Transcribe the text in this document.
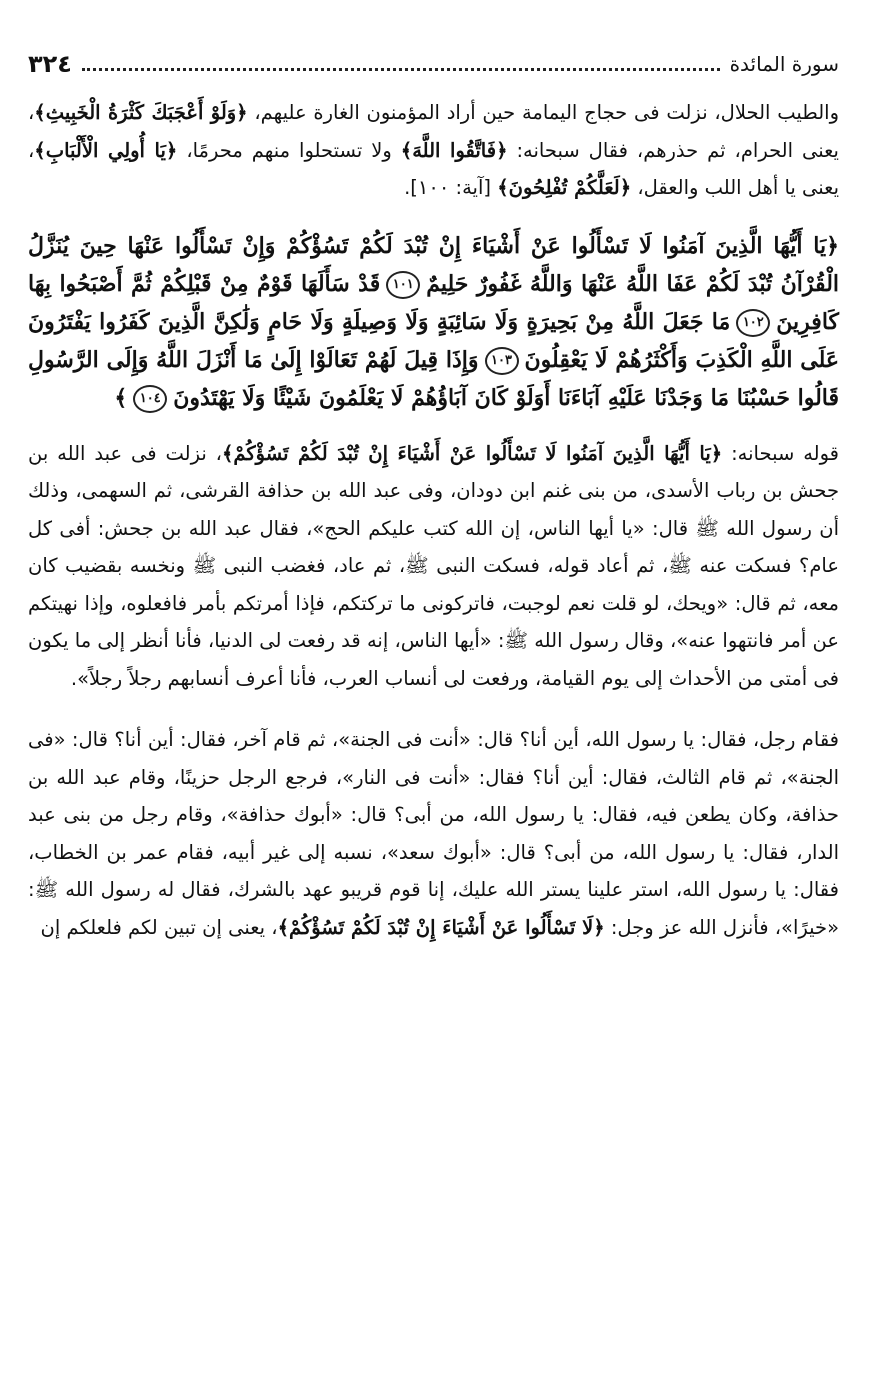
سورة المائدة
٣٢٤

والطيب الحلال، نزلت فى حجاج اليمامة حين أراد المؤمنون الغارة عليهم، ﴿وَلَوْ أَعْجَبَكَ كَثْرَةُ الْخَبِيثِ﴾، يعنى الحرام، ثم حذرهم، فقال سبحانه: ﴿فَاتَّقُوا اللَّهَ﴾ ولا تستحلوا منهم محرمًا، ﴿يَا أُولِي الْأَلْبَابِ﴾، يعنى يا أهل اللب والعقل، ﴿لَعَلَّكُمْ تُفْلِحُونَ﴾ [آية: ١٠٠].

﴿يَا أَيُّهَا الَّذِينَ آمَنُوا لَا تَسْأَلُوا عَنْ أَشْيَاءَ إِنْ تُبْدَ لَكُمْ تَسُؤْكُمْ وَإِنْ تَسْأَلُوا عَنْهَا حِينَ يُنَزَّلُ الْقُرْآنُ تُبْدَ لَكُمْ عَفَا اللَّهُ عَنْهَا وَاللَّهُ غَفُورٌ حَلِيمٌ١٠١قَدْ سَأَلَهَا قَوْمٌ مِنْ قَبْلِكُمْ ثُمَّ أَصْبَحُوا بِهَا كَافِرِينَ١٠٢مَا جَعَلَ اللَّهُ مِنْ بَحِيرَةٍ وَلَا سَائِبَةٍ وَلَا وَصِيلَةٍ وَلَا حَامٍ وَلَٰكِنَّ الَّذِينَ كَفَرُوا يَفْتَرُونَ عَلَى اللَّهِ الْكَذِبَ وَأَكْثَرُهُمْ لَا يَعْقِلُونَ١٠٣وَإِذَا قِيلَ لَهُمْ تَعَالَوْا إِلَىٰ مَا أَنْزَلَ اللَّهُ وَإِلَى الرَّسُولِ قَالُوا حَسْبُنَا مَا وَجَدْنَا عَلَيْهِ آبَاءَنَا أَوَلَوْ كَانَ آبَاؤُهُمْ لَا يَعْلَمُونَ شَيْئًا وَلَا يَهْتَدُونَ١٠٤﴾

قوله سبحانه: ﴿يَا أَيُّهَا الَّذِينَ آمَنُوا لَا تَسْأَلُوا عَنْ أَشْيَاءَ إِنْ تُبْدَ لَكُمْ تَسُؤْكُمْ﴾، نزلت فى عبد الله بن جحش بن رباب الأسدى، من بنى غنم ابن دودان، وفى عبد الله بن حذافة القرشى، ثم السهمى، وذلك أن رسول الله ﷺ قال: «يا أيها الناس، إن الله كتب عليكم الحج»، فقال عبد الله بن جحش: أفى كل عام؟ فسكت عنه ﷺ، ثم أعاد قوله، فسكت النبى ﷺ، ثم عاد، فغضب النبى ﷺ ونخسه بقضيب كان معه، ثم قال: «ويحك، لو قلت نعم لوجبت، فاتركونى ما تركتكم، فإذا أمرتكم بأمر فافعلوه، وإذا نهيتكم عن أمر فانتهوا عنه»، وقال رسول الله ﷺ: «أيها الناس، إنه قد رفعت لى الدنيا، فأنا أنظر إلى ما يكون فى أمتى من الأحداث إلى يوم القيامة، ورفعت لى أنساب العرب، فأنا أعرف أنسابهم رجلاً رجلاً».

فقام رجل، فقال: يا رسول الله، أين أنا؟ قال: «أنت فى الجنة»، ثم قام آخر، فقال: أين أنا؟ قال: «فى الجنة»، ثم قام الثالث، فقال: أين أنا؟ فقال: «أنت فى النار»، فرجع الرجل حزينًا، وقام عبد الله بن حذافة، وكان يطعن فيه، فقال: يا رسول الله، من أبى؟ قال: «أبوك حذافة»، وقام رجل من بنى عبد الدار، فقال: يا رسول الله، من أبى؟ قال: «أبوك سعد»، نسبه إلى غير أبيه، فقام عمر بن الخطاب، فقال: يا رسول الله، استر علينا يستر الله عليك، إنا قوم قريبو عهد بالشرك، فقال له رسول الله ﷺ: «خيرًا»، فأنزل الله عز وجل: ﴿لَا تَسْأَلُوا عَنْ أَشْيَاءَ إِنْ تُبْدَ لَكُمْ تَسُؤْكُمْ﴾، يعنى إن تبين لكم فلعلكم إن
